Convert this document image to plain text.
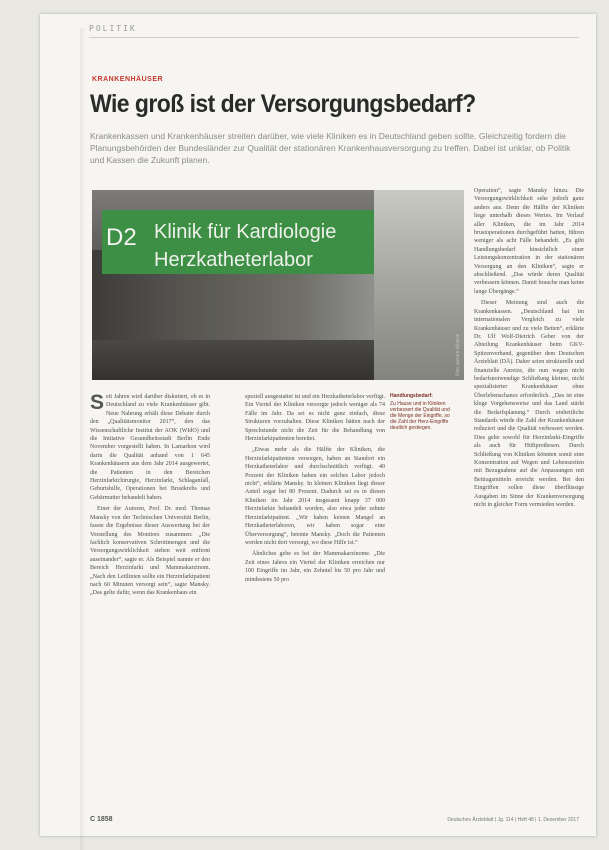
POLITIK
KRANKENHÄUSER
Wie groß ist der Versorgungsbedarf?
Krankenkassen und Krankenhäuser streiten darüber, wie viele Kliniken es in Deutschland geben sollte. Gleichzeitig fordern die Planungsbehörden der Bundesländer zur Qualität der stationären Krankenhausversorgung zu treffen. Dabei ist unklar, ob Politik und Kassen die Zukunft planen.
D2 Klinik für Kardiologie
Herzkatheterlabor
Foto: picture alliance
Handlungsbedarf:
Zu Hause und in Kliniken verbessert die Qualität und die Menge der Eingriffe, so die Zahl der Herz-Eingriffe deutlich gestiegen.

Seit Jahren wird darüber diskutiert, ob es in Deutschland zu viele Krankenhäuser gibt. Neue Nahrung erhält diese Debatte durch den „Qualitätsmonitor 2017“, den das Wissenschaftliche Institut der AOK (WIdO) und die Initiative Gesundheitsstadt Berlin Ende November vorgestellt haben. In Lamarkon wird darin die Qualität anhand von 1 645 Krankenhäusern aus dem Jahr 2014 ausgewertet, die Patienten in den Bereichen Herzinfarktchirurgie, Herzinfarkt, Schlaganfall, Geburtshilfe, Operationen bei Brustkrebs und Gebärmutter behandelt haben.

Einer der Autoren, Prof. Dr. med. Thomas Mansky von der Technischen Universität Berlin, fasste die Ergebnisse dieser Auswertung bei der Vorstellung des Monitors zusammen: „Die fachlich konservativen Schrottmengen und die Versorgungswirklichkeit stehen weit entfernt auseinander“, sagte er. Als Beispiel nannte er den Bereich Herzinfarkt und Mammakarzinom. „Nach den Leitlinien sollte ein Herzinfarktpatient nach 60 Minuten versorgt sein“, sagte Mansky. „Das gelte dafür, wenn das Krankenhaus ein

speziell ausgestattet ist und ein Herzkatheterlabor verfügt. Ein Viertel der Kliniken versorgte jedoch weniger als 74 Fälle im Jahr. Da sei es nicht ganz einfach, diese Strukturen vorzuhalten. Diese Kliniken hätten nach der Sprechstunde nicht die Zeit für die Behandlung von Herzinfarktpatienten bereitet.

„Etwas mehr als die Hälfte der Kliniken, die Herzinfarktpatienten versorgen, haben an Standort ein Herzkatheterlabor und durchschnittlich verfügt. 40 Prozent der Kliniken haben ein solches Labor jedoch nicht“, erklärte Mansky. In kleinen Kliniken liegt dieser Anteil sogar bei 80 Prozent. Dadurch sei es in diesen Kliniken im Jahr 2014 insgesamt knapp 37 000 Herzinfarkte behandelt worden, also etwa jeder zehnte Herzinfarktpatient. „Wir haben keinen Mangel an Herzkatheterlaboren, wir haben sogar eine Überversorgung“, betonte Mansky. „Doch die Patienten werden nicht dort versorgt, wo diese Hilfe ist.“

Ähnliches gebe es bei der Mammakarzinome. „Die Zeit eines Jahres ein Viertel der Kliniken erreichen nur 100 Eingriffe im Jahr, ein Zehntel bis 50 pro Jahr und mindestens 50 pro

Operation“, sagte Mansky hinzu. Die Versorgungswirklichkeit sehe jedoch ganz anders aus. Denn die Hälfte der Kliniken liege unterhalb dieses Wertes. Im Verlauf aller Kliniken, die im Jahr 2014 brustoperationen durchgeführt hatten, führen weniger als acht Fälle behandelt. „Es gibt Handlungsbedarf hinsichtlich einer Leistungskonzentration in der stationären Versorgung an den Kliniken“, sagte er abschließend. „Das würde deren Qualität verbessern können. Damit brauche man keine lange Übergänge.“

Dieser Meinung sind auch die Krankenkassen. „Deutschland hat im internationalen Vergleich zu viele Krankenhäuser und zu viele Betten“, erklärte Dr. Ulf Wolf-Dietrich Geber von der Abteilung Krankenhäuser beim GKV-Spitzenverband, gegenüber dem Deutschen Ärzteblatt (DÄ). Daher seien strukturelle und finanzielle Anreize, die nun wegen nicht bedarfsnotwendige Schließung kleiner, nicht spezialisierter Krankenhäuser ohne Überlebenschance erforderlich. „Das ist eine kluge Vorgehensweise und das Land stärkt die Bedarfsplanung.“ Durch einheitliche Standards würde die Zahl der Krankenhäuser reduziert und die Qualität verbessert werden. Dies gelte sowohl für Herzinfarkt-Eingriffe als auch für Hüftprothesen. Durch Schließung von Kliniken könnten somit eine Konzentration auf Wegen und Lebenszeiten mit Bezugnahme auf die Anpassungen mit Beitragsmitteln erreicht werden. Bei den Eingriffen sollen diese überflüssige Ausgaben im Sinne der Krankenversorgung nicht in gleicher Form vermieden werden.

C 1858	Deutsches Ärzteblatt | Jg. 114 | Heft 48 | 1. Dezember 2017
